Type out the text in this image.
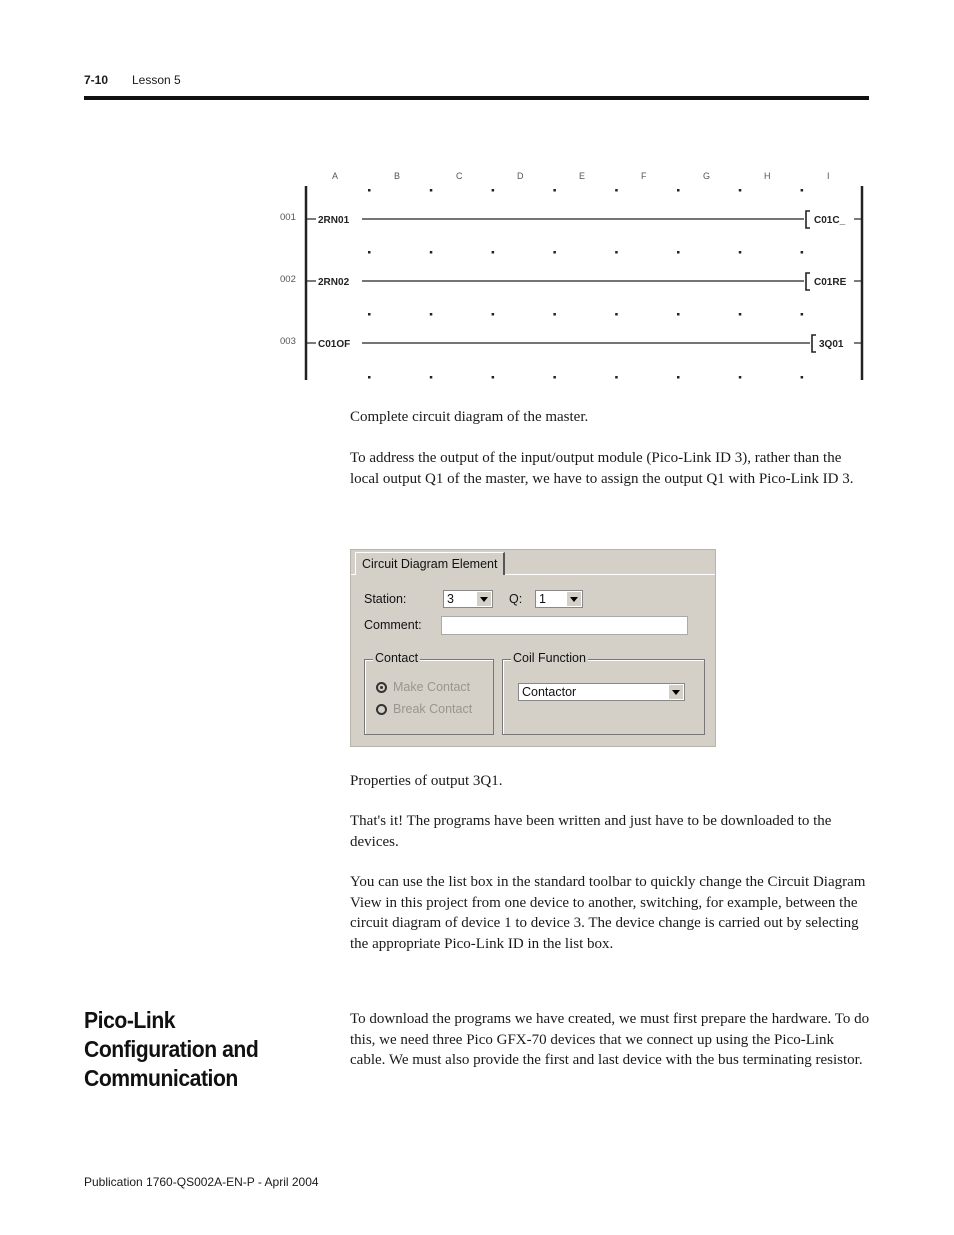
7-10 Lesson 5
A	B	C	D	E	F	G	H	I
001 2RN01	C01C_
002 2RN02	C01RE
003 C01OF	3Q01
Complete circuit diagram of the master.
To address the output of the input/output module (Pico-Link ID 3), rather than the local output Q1 of the master, we have to assign the output Q1 with Pico-Link ID 3.
Circuit Diagram Element
Station:	3	Q:	1
Comment:
Contact
Make Contact
Break Contact
Coil Function
Contactor
Properties of output 3Q1.
That's it! The programs have been written and just have to be downloaded to the devices.
You can use the list box in the standard toolbar to quickly change the Circuit Diagram View in this project from one device to another, switching, for example, between the circuit diagram of device 1 to device 3. The device change is carried out by selecting the appropriate Pico-Link ID in the list box.
Pico-Link Configuration and Communication
To download the programs we have created, we must first prepare the hardware. To do this, we need three Pico GFX-70 devices that we connect up using the Pico-Link cable. We must also provide the first and last device with the bus terminating resistor.
Publication 1760-QS002A-EN-P - April 2004
